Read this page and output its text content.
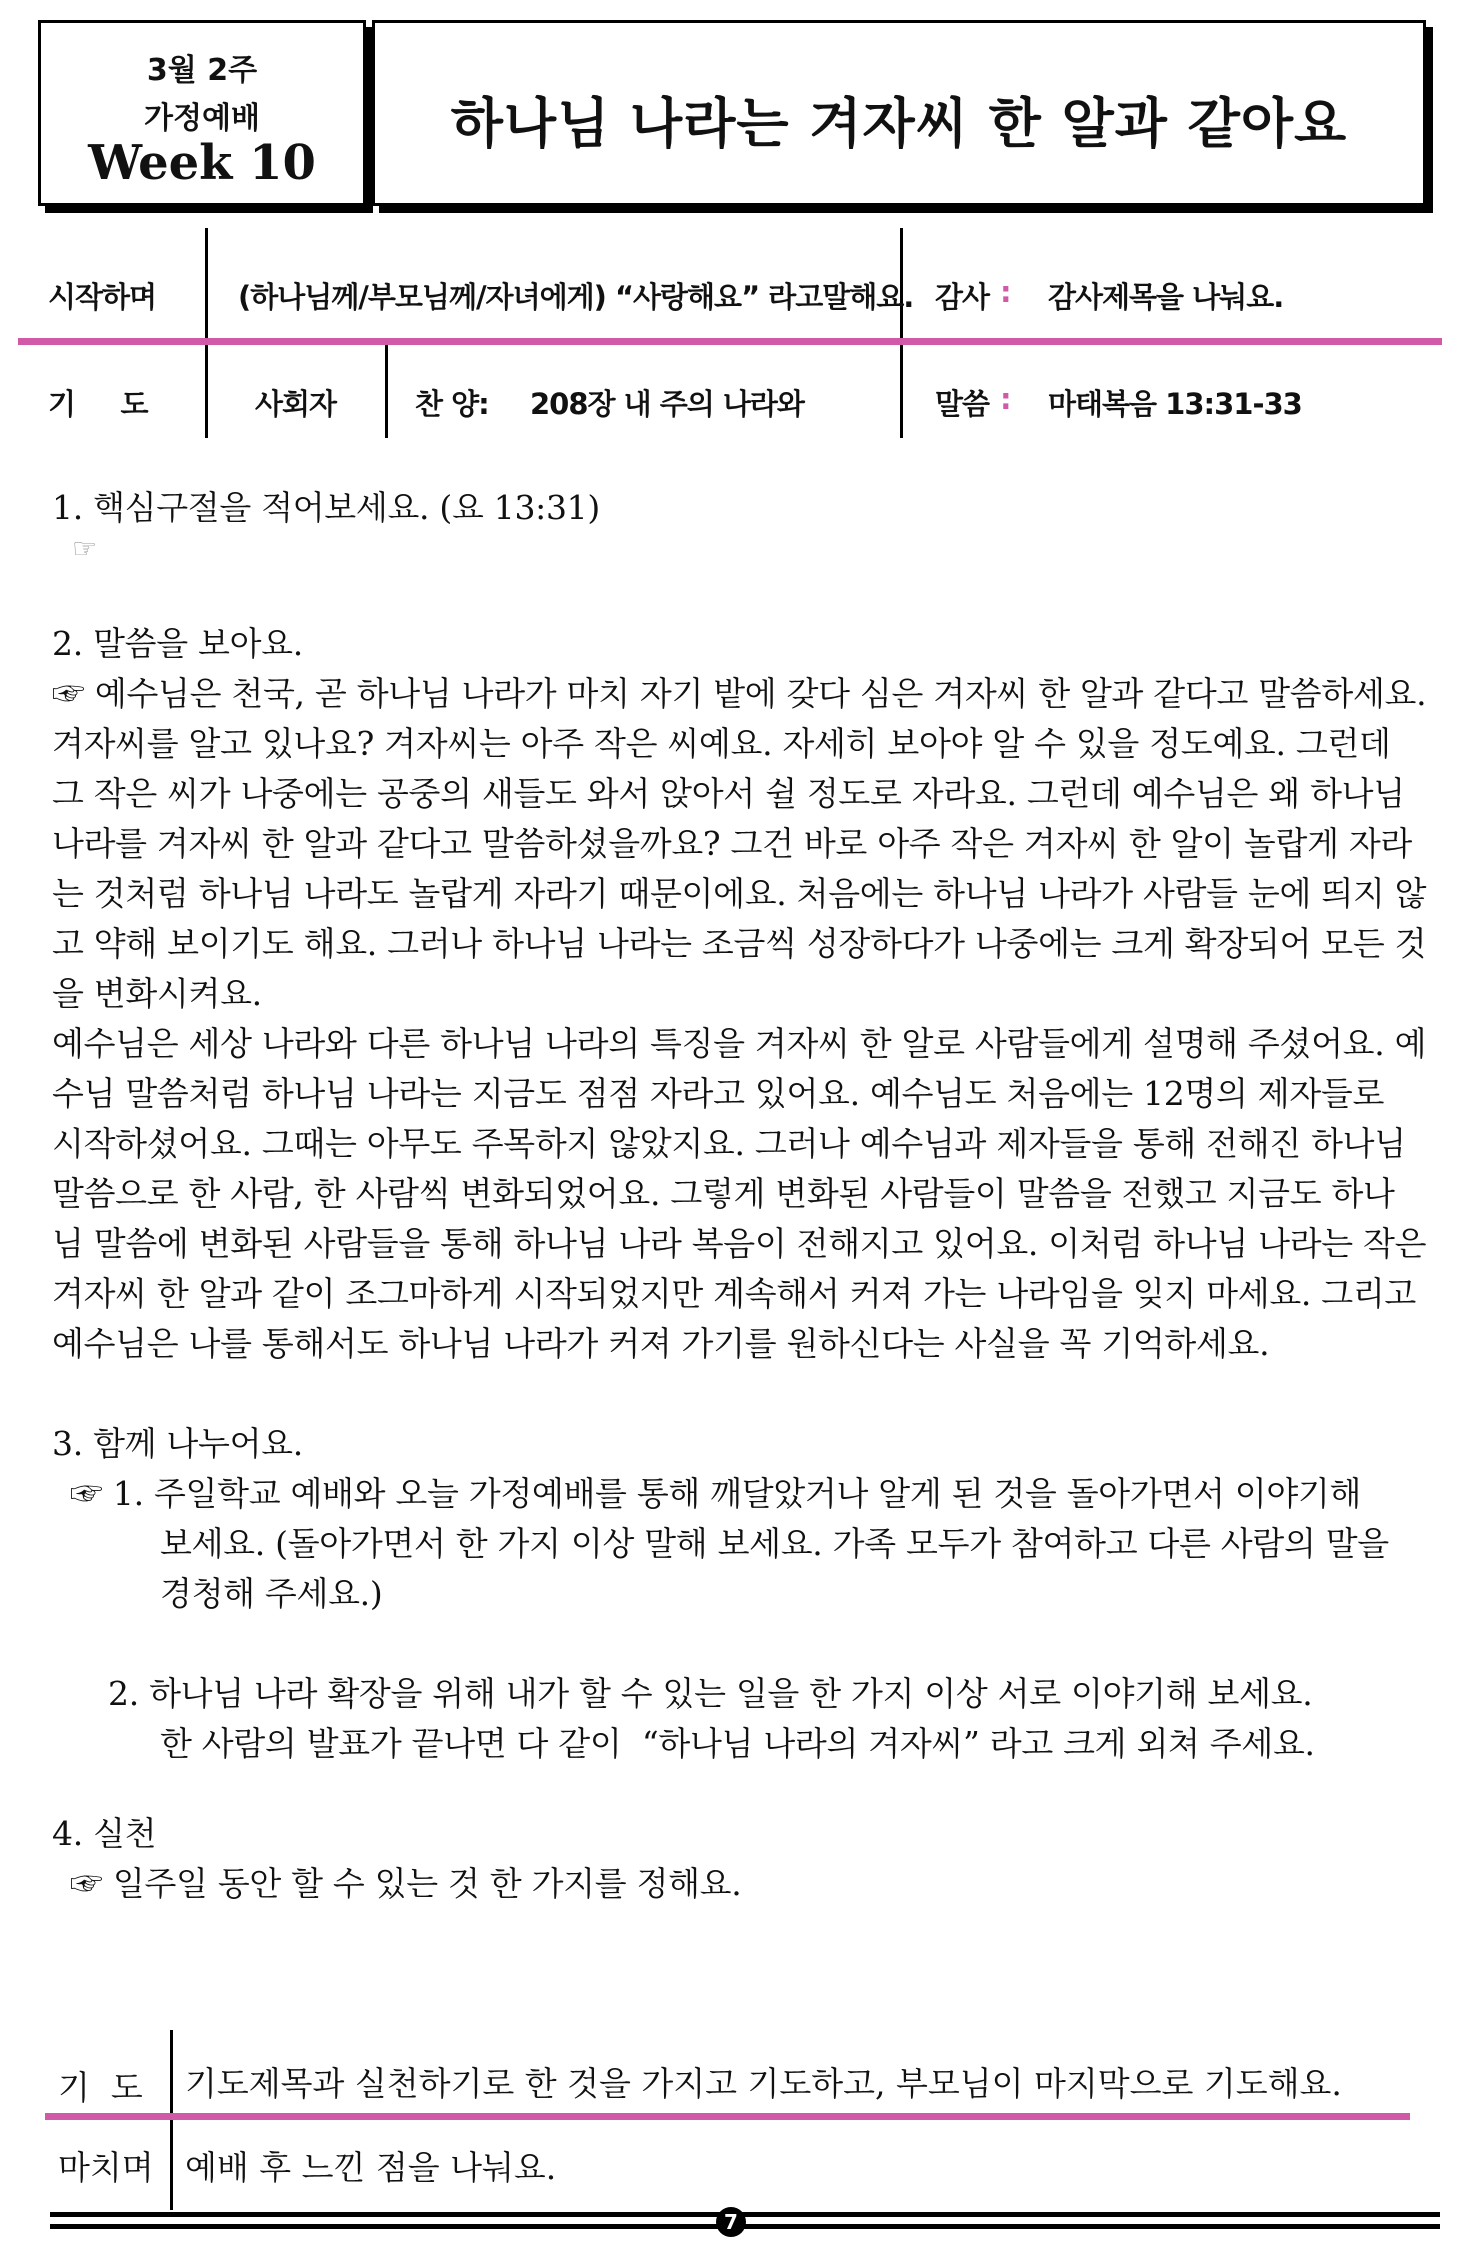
3월 2주
가정예배
Week 10
하나님 나라는 겨자씨 한 알과 같아요
시작하며	(하나님께/부모님께/자녀에게) “사랑해요” 라고말해요. 감사 : 감사제목을 나눠요.
기     도	사회자	찬 양: 208장 내 주의 나라와	말씀 : 마태복음 13:31-33
1. 핵심구절을 적어보세요. (요 13:31)
☞
2. 말씀을 보아요.
☞ 예수님은 천국, 곧 하나님 나라가 마치 자기 밭에 갖다 심은 겨자씨 한 알과 같다고 말씀하세요.
겨자씨를 알고 있나요? 겨자씨는 아주 작은 씨예요. 자세히 보아야 알 수 있을 정도예요. 그런데
그 작은 씨가 나중에는 공중의 새들도 와서 앉아서 쉴 정도로 자라요. 그런데 예수님은 왜 하나님
나라를 겨자씨 한 알과 같다고 말씀하셨을까요? 그건 바로 아주 작은 겨자씨 한 알이 놀랍게 자라
는 것처럼 하나님 나라도 놀랍게 자라기 때문이에요. 처음에는 하나님 나라가 사람들 눈에 띄지 않
고 약해 보이기도 해요. 그러나 하나님 나라는 조금씩 성장하다가 나중에는 크게 확장되어 모든 것
을 변화시켜요.
예수님은 세상 나라와 다른 하나님 나라의 특징을 겨자씨 한 알로 사람들에게 설명해 주셨어요. 예
수님 말씀처럼 하나님 나라는 지금도 점점 자라고 있어요. 예수님도 처음에는 12명의 제자들로
시작하셨어요. 그때는 아무도 주목하지 않았지요. 그러나 예수님과 제자들을 통해 전해진 하나님
말씀으로 한 사람, 한 사람씩 변화되었어요. 그렇게 변화된 사람들이 말씀을 전했고 지금도 하나
님 말씀에 변화된 사람들을 통해 하나님 나라 복음이 전해지고 있어요. 이처럼 하나님 나라는 작은
겨자씨 한 알과 같이 조그마하게 시작되었지만 계속해서 커져 가는 나라임을 잊지 마세요. 그리고
예수님은 나를 통해서도 하나님 나라가 커져 가기를 원하신다는 사실을 꼭 기억하세요.
3. 함께 나누어요.
☞ 1. 주일학교 예배와 오늘 가정예배를 통해 깨달았거나 알게 된 것을 돌아가면서 이야기해
보세요. (돌아가면서 한 가지 이상 말해 보세요. 가족 모두가 참여하고 다른 사람의 말을
경청해 주세요.)
2. 하나님 나라 확장을 위해 내가 할 수 있는 일을 한 가지 이상 서로 이야기해 보세요.
한 사람의 발표가 끝나면 다 같이  “하나님 나라의 겨자씨” 라고 크게 외쳐 주세요.
4. 실천
☞ 일주일 동안 할 수 있는 것 한 가지를 정해요.
기  도 기도제목과 실천하기로 한 것을 가지고 기도하고, 부모님이 마지막으로 기도해요.
마치며 예배 후 느낀 점을 나눠요.
7
